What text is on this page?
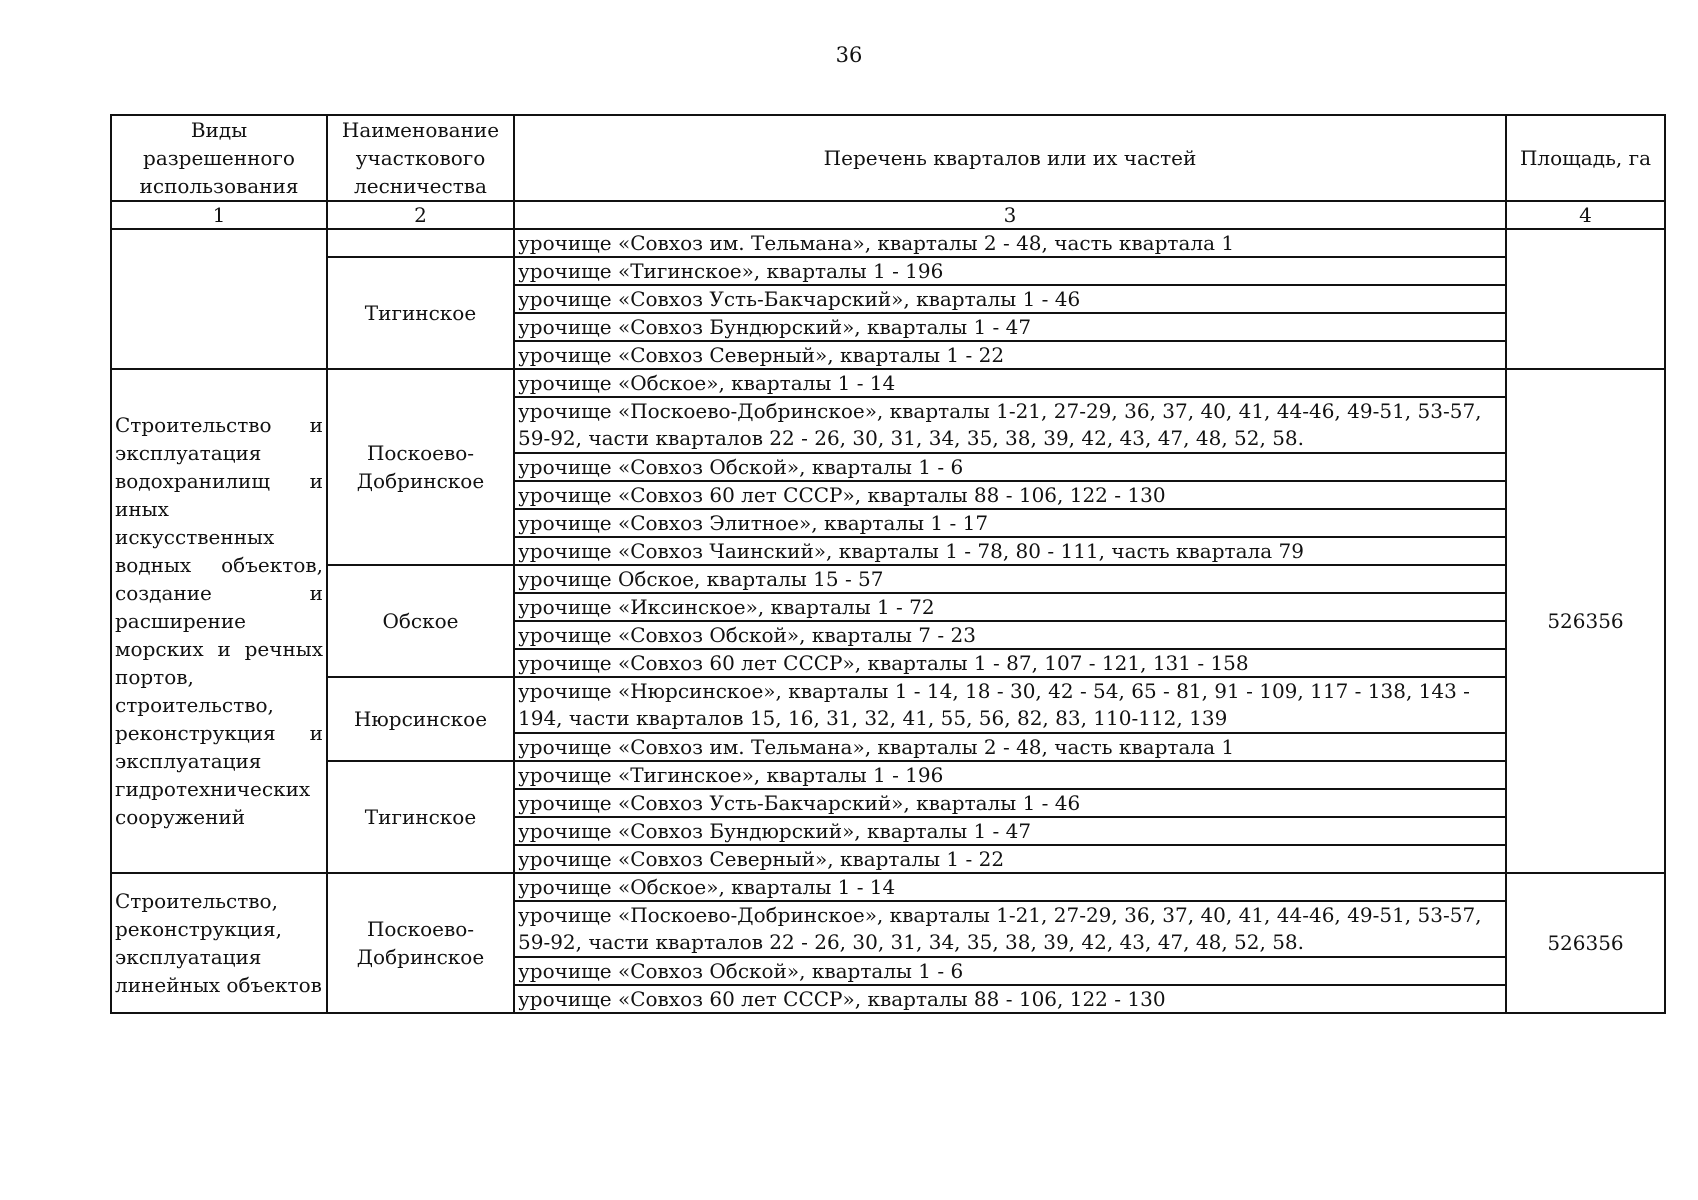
36
Виды разрешенного использования	Наименование участкового лесничества	Перечень кварталов или их частей	Площадь, га
1	2	3	4
		урочище «Совхоз им. Тельмана», кварталы 2 - 48, часть квартала 1	
	Тигинское	урочище «Тигинское», кварталы 1 - 196	
		урочище «Совхоз Усть-Бакчарский», кварталы 1 - 46	
		урочище «Совхоз Бундюрский», кварталы 1 - 47	
		урочище «Совхоз Северный», кварталы 1 - 22	
Строительство и эксплуатация водохранилищ и иных искусственных водных объектов, создание и расширение морских и речных портов, строительство, реконструкция и эксплуатация гидротехнических сооружений	Поскоево-Добринское	урочище «Обское», кварталы 1 - 14	526356
		урочище «Поскоево-Добринское», кварталы 1-21, 27-29, 36, 37, 40, 41, 44-46, 49-51, 53-57, 59-92, части кварталов 22 - 26, 30, 31, 34, 35, 38, 39, 42, 43, 47, 48, 52, 58.	
		урочище «Совхоз Обской», кварталы 1 - 6	
		урочище «Совхоз 60 лет СССР», кварталы 88 - 106, 122 - 130	
		урочище «Совхоз Элитное», кварталы 1 - 17	
		урочище «Совхоз Чаинский», кварталы 1 - 78, 80 - 111, часть квартала 79	
	Обское	урочище Обское, кварталы 15 - 57	
		урочище «Иксинское», кварталы 1 - 72	
		урочище «Совхоз Обской», кварталы 7 - 23	
		урочище «Совхоз 60 лет СССР», кварталы 1 - 87, 107 - 121, 131 - 158	
	Нюрсинское	урочище «Нюрсинское», кварталы 1 - 14, 18 - 30, 42 - 54, 65 - 81, 91 - 109, 117 - 138, 143 - 194, части кварталов 15, 16, 31, 32, 41, 55, 56, 82, 83, 110-112, 139	
		урочище «Совхоз им. Тельмана», кварталы 2 - 48, часть квартала 1	
	Тигинское	урочище «Тигинское», кварталы 1 - 196	
		урочище «Совхоз Усть-Бакчарский», кварталы 1 - 46	
		урочище «Совхоз Бундюрский», кварталы 1 - 47	
		урочище «Совхоз Северный», кварталы 1 - 22	
Строительство, реконструкция, эксплуатация линейных объектов	Поскоево-Добринское	урочище «Обское», кварталы 1 - 14	526356
		урочище «Поскоево-Добринское», кварталы 1-21, 27-29, 36, 37, 40, 41, 44-46, 49-51, 53-57, 59-92, части кварталов 22 - 26, 30, 31, 34, 35, 38, 39, 42, 43, 47, 48, 52, 58.	
		урочище «Совхоз Обской», кварталы 1 - 6	
		урочище «Совхоз 60 лет СССР», кварталы 88 - 106, 122 - 130	
